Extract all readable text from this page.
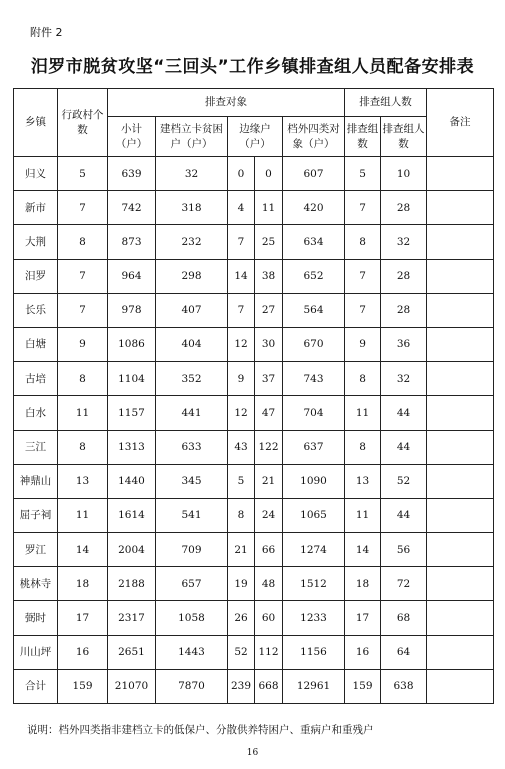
附件 2
汨罗市脱贫攻坚“三回头”工作乡镇排查组人员配备安排表
乡镇	行政村个数	排查对象					排查组人数		备注
		小计（户）	建档立卡贫困户（户）	边缘户（户）		档外四类对象（户）	排查组数	排查组人数	
归义	5	639	32	0	0	607	5	10	
新市	7	742	318	4	11	420	7	28	
大荆	8	873	232	7	25	634	8	32	
汨罗	7	964	298	14	38	652	7	28	
长乐	7	978	407	7	27	564	7	28	
白塘	9	1086	404	12	30	670	9	36	
古培	8	1104	352	9	37	743	8	32	
白水	11	1157	441	12	47	704	11	44	
三江	8	1313	633	43	122	637	8	44	
神鼎山	13	1440	345	5	21	1090	13	52	
屈子祠	11	1614	541	8	24	1065	11	44	
罗江	14	2004	709	21	66	1274	14	56	
桃林寺	18	2188	657	19	48	1512	18	72	
弼时	17	2317	1058	26	60	1233	17	68	
川山坪	16	2651	1443	52	112	1156	16	64	
合计	159	21070	7870	239	668	12961	159	638	
说明：档外四类指非建档立卡的低保户、分散供养特困户、重病户和重残户
16
